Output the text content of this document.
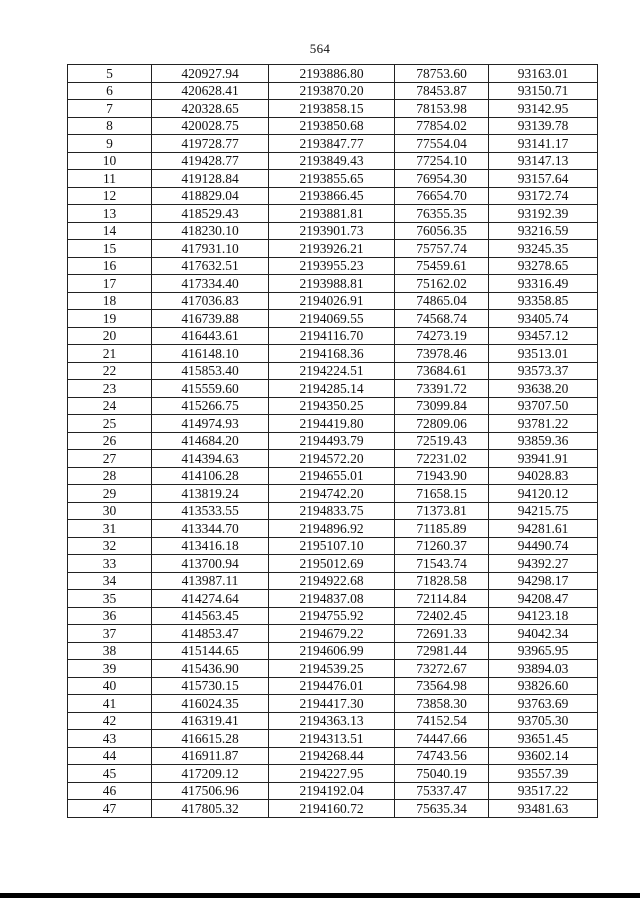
564
5	420927.94	2193886.80	78753.60	93163.01
6	420628.41	2193870.20	78453.87	93150.71
7	420328.65	2193858.15	78153.98	93142.95
8	420028.75	2193850.68	77854.02	93139.78
9	419728.77	2193847.77	77554.04	93141.17
10	419428.77	2193849.43	77254.10	93147.13
11	419128.84	2193855.65	76954.30	93157.64
12	418829.04	2193866.45	76654.70	93172.74
13	418529.43	2193881.81	76355.35	93192.39
14	418230.10	2193901.73	76056.35	93216.59
15	417931.10	2193926.21	75757.74	93245.35
16	417632.51	2193955.23	75459.61	93278.65
17	417334.40	2193988.81	75162.02	93316.49
18	417036.83	2194026.91	74865.04	93358.85
19	416739.88	2194069.55	74568.74	93405.74
20	416443.61	2194116.70	74273.19	93457.12
21	416148.10	2194168.36	73978.46	93513.01
22	415853.40	2194224.51	73684.61	93573.37
23	415559.60	2194285.14	73391.72	93638.20
24	415266.75	2194350.25	73099.84	93707.50
25	414974.93	2194419.80	72809.06	93781.22
26	414684.20	2194493.79	72519.43	93859.36
27	414394.63	2194572.20	72231.02	93941.91
28	414106.28	2194655.01	71943.90	94028.83
29	413819.24	2194742.20	71658.15	94120.12
30	413533.55	2194833.75	71373.81	94215.75
31	413344.70	2194896.92	71185.89	94281.61
32	413416.18	2195107.10	71260.37	94490.74
33	413700.94	2195012.69	71543.74	94392.27
34	413987.11	2194922.68	71828.58	94298.17
35	414274.64	2194837.08	72114.84	94208.47
36	414563.45	2194755.92	72402.45	94123.18
37	414853.47	2194679.22	72691.33	94042.34
38	415144.65	2194606.99	72981.44	93965.95
39	415436.90	2194539.25	73272.67	93894.03
40	415730.15	2194476.01	73564.98	93826.60
41	416024.35	2194417.30	73858.30	93763.69
42	416319.41	2194363.13	74152.54	93705.30
43	416615.28	2194313.51	74447.66	93651.45
44	416911.87	2194268.44	74743.56	93602.14
45	417209.12	2194227.95	75040.19	93557.39
46	417506.96	2194192.04	75337.47	93517.22
47	417805.32	2194160.72	75635.34	93481.63
